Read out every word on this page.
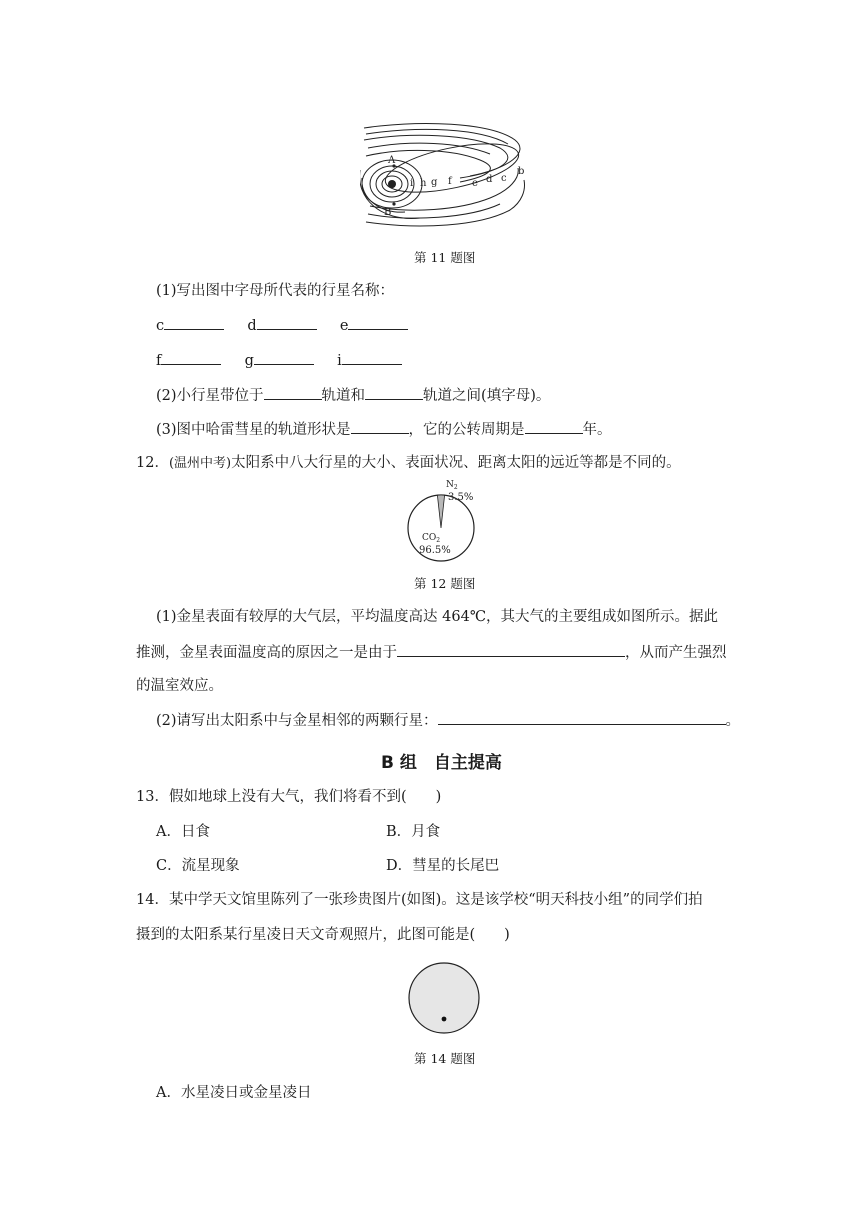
A
B
O i h g f e d c
b
第 11 题图
(1)写出图中字母所代表的行星名称：
c	d	e
f	g	i
(2)小行星带位于	轨道和	轨道之间(填字母)。
(3)图中哈雷彗星的轨道形状是	，它的公转周期是	年。
12．(温州中考)太阳系中八大行星的大小、表面状况、距离太阳的远近等都是不同的。
$N_2$
3.5%
$CO_2$
96.5%
第 12 题图
(1)金星表面有较厚的大气层，平均温度高达 464℃，其大气的主要组成如图所示。据此
推测，金星表面温度高的原因之一是由于	，从而产生强烈
的温室效应。
(2)请写出太阳系中与金星相邻的两颗行星：	。
B 组　自主提高
13．假如地球上没有大气，我们将看不到(　　)
A．日食	B．月食
C．流星现象	D．彗星的长尾巴
14．某中学天文馆里陈列了一张珍贵图片(如图)。这是该学校“明天科技小组”的同学们拍
摄到的太阳系某行星凌日天文奇观照片，此图可能是(　　)
第 14 题图
A．水星凌日或金星凌日
